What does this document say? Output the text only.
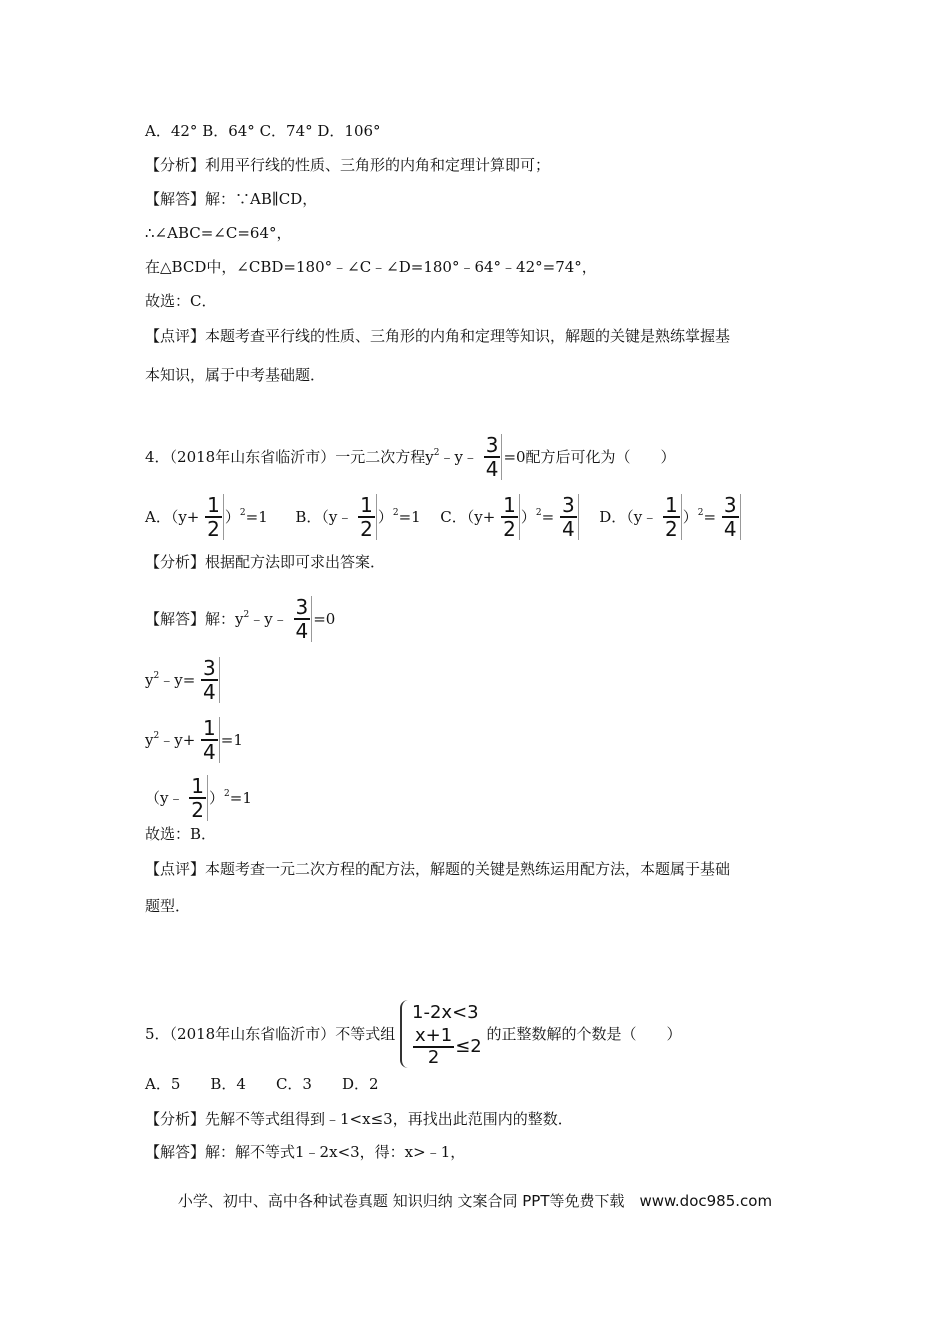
A．42° B．64° C．74° D．106°
【分析】利用平行线的性质、三角形的内角和定理计算即可；
【解答】解：∵AB∥CD，
∴∠ABC=∠C=64°，
在△BCD中，∠CBD=180°﹣∠C﹣∠D=180°﹣64°﹣42°=74°，
故选：C．
【点评】本题考查平行线的性质、三角形的内角和定理等知识，解题的关键是熟练掌握基
本知识，属于中考基础题．
4．（2018年山东省临沂市）一元二次方程$y^2﹣y﹣ \frac{3}{4} =0$配方后可化为（　　）
A．$(y+ \frac{1}{2} )^2=1$ B．（y﹣ $\frac{1}{2} )^2=1$ C．$(y+ \frac{1}{2} )^2= \frac{3}{4}$ D．（y﹣ $\frac{1}{2} )^2= \frac{3}{4}$
【分析】根据配方法即可求出答案．
【解答】解：$y^2﹣y﹣ \frac{3}{4} =0$
$y^2﹣y= \frac{3}{4}$
$y^2﹣y+ \frac{1}{4} =1$
（y﹣ $\frac{1}{2} )^2=1$
故选：B．
【点评】本题考查一元二次方程的配方法，解题的关键是熟练运用配方法，本题属于基础
题型．
5．（2018年山东省临沂市）不等式组
1-2x<3
$\frac{x+1}{2} \le 2$
的正整数解的个数是（　　）
A．5　　B．4　　C．3　　D．2
【分析】先解不等式组得到﹣1<x≤3，再找出此范围内的整数．
【解答】解：解不等式1﹣2x<3，得：x>﹣1，
小学、初中、高中各种试卷真题 知识归纳 文案合同 PPT等免费下载　www.doc985.com
